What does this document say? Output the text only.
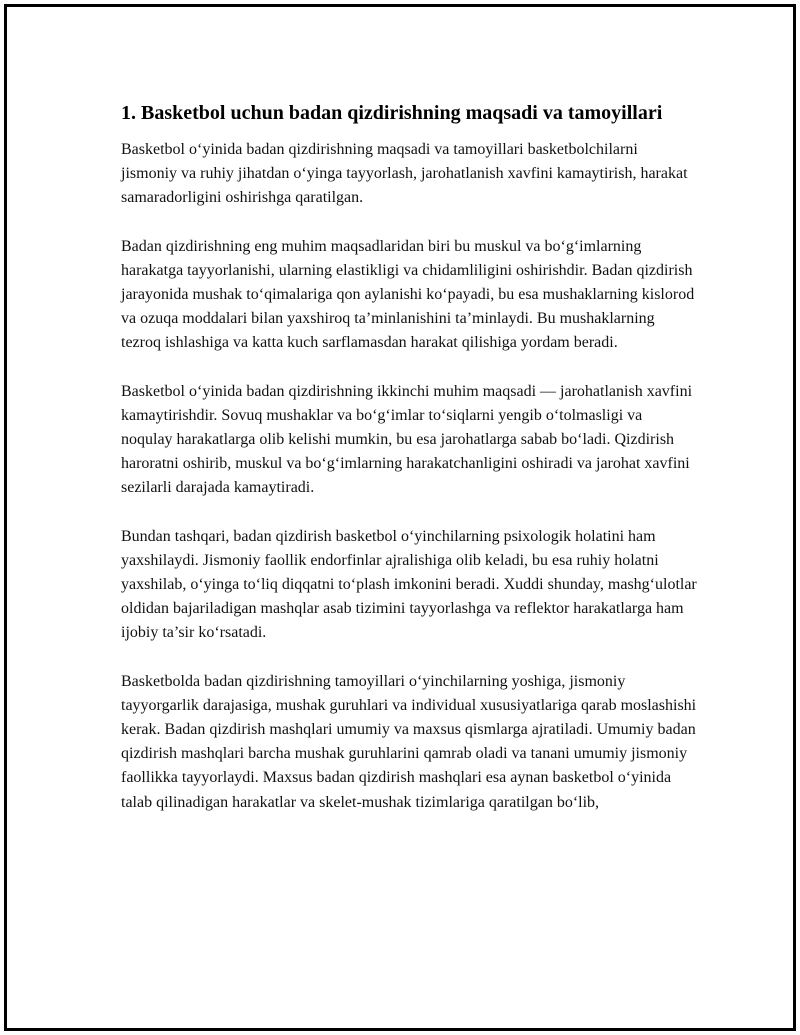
1. Basketbol uchun badan qizdirishning maqsadi va tamoyillari

Basketbol o‘yinida badan qizdirishning maqsadi va tamoyillari basketbolchilarni jismoniy va ruhiy jihatdan o‘yinga tayyorlash, jarohatlanish xavfini kamaytirish, harakat samaradorligini oshirishga qaratilgan.

Badan qizdirishning eng muhim maqsadlaridan biri bu muskul va bo‘g‘imlarning harakatga tayyorlanishi, ularning elastikligi va chidamliligini oshirishdir. Badan qizdirish jarayonida mushak to‘qimalariga qon aylanishi ko‘payadi, bu esa mushaklarning kislorod va ozuqa moddalari bilan yaxshiroq ta’minlanishini ta’minlaydi. Bu mushaklarning tezroq ishlashiga va katta kuch sarflamasdan harakat qilishiga yordam beradi.

Basketbol o‘yinida badan qizdirishning ikkinchi muhim maqsadi — jarohatlanish xavfini kamaytirishdir. Sovuq mushaklar va bo‘g‘imlar to‘siqlarni yengib o‘tolmasligi va noqulay harakatlarga olib kelishi mumkin, bu esa jarohatlarga sabab bo‘ladi. Qizdirish haroratni oshirib, muskul va bo‘g‘imlarning harakatchanligini oshiradi va jarohat xavfini sezilarli darajada kamaytiradi.

Bundan tashqari, badan qizdirish basketbol o‘yinchilarning psixologik holatini ham yaxshilaydi. Jismoniy faollik endorfinlar ajralishiga olib keladi, bu esa ruhiy holatni yaxshilab, o‘yinga to‘liq diqqatni to‘plash imkonini beradi. Xuddi shunday, mashg‘ulotlar oldidan bajariladigan mashqlar asab tizimini tayyorlashga va reflektor harakatlarga ham ijobiy ta’sir ko‘rsatadi.

Basketbolda badan qizdirishning tamoyillari o‘yinchilarning yoshiga, jismoniy tayyorgarlik darajasiga, mushak guruhlari va individual xususiyatlariga qarab moslashishi kerak. Badan qizdirish mashqlari umumiy va maxsus qismlarga ajratiladi. Umumiy badan qizdirish mashqlari barcha mushak guruhlarini qamrab oladi va tanani umumiy jismoniy faollikka tayyorlaydi. Maxsus badan qizdirish mashqlari esa aynan basketbol o‘yinida talab qilinadigan harakatlar va skelet-mushak tizimlariga qaratilgan bo‘lib,
